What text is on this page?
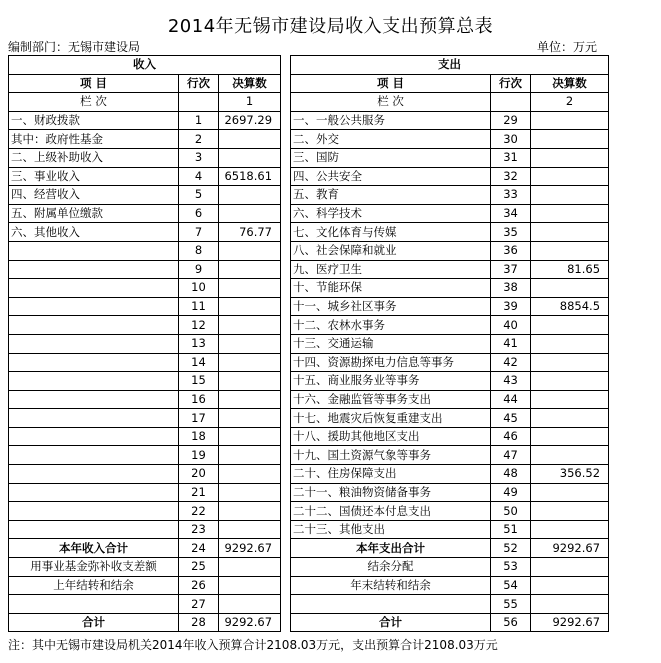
2014年无锡市建设局收入支出预算总表
编制部门：无锡市建设局	单位：万元
收入				支出		
项 目	行次	决算数		项 目	行次	决算数
栏 次		1		栏 次		2
一、财政拨款	1	2697.29		一、一般公共服务	29	
其中：政府性基金	2			二、外交	30	
二、上级补助收入	3			三、国防	31	
三、事业收入	4	6518.61		四、公共安全	32	
四、经营收入	5			五、教育	33	
五、附属单位缴款	6			六、科学技术	34	
六、其他收入	7	76.77		七、文化体育与传媒	35	
	8			八、社会保障和就业	36	
	9			九、医疗卫生	37	81.65
	10			十、节能环保	38	
	11			十一、城乡社区事务	39	8854.5
	12			十二、农林水事务	40	
	13			十三、交通运输	41	
	14			十四、资源勘探电力信息等事务	42	
	15			十五、商业服务业等事务	43	
	16			十六、金融监管等事务支出	44	
	17			十七、地震灾后恢复重建支出	45	
	18			十八、援助其他地区支出	46	
	19			十九、国土资源气象等事务	47	
	20			二十、住房保障支出	48	356.52
	21			二十一、粮油物资储备事务	49	
	22			二十二、国债还本付息支出	50	
	23			二十三、其他支出	51	
本年收入合计	24	9292.67		本年支出合计	52	9292.67
用事业基金弥补收支差额	25			结余分配	53	
上年结转和结余	26			年末结转和结余	54	
	27				55	
合计	28	9292.67		合计	56	9292.67
注：其中无锡市建设局机关2014年收入预算合计2108.03万元，支出预算合计2108.03万元
